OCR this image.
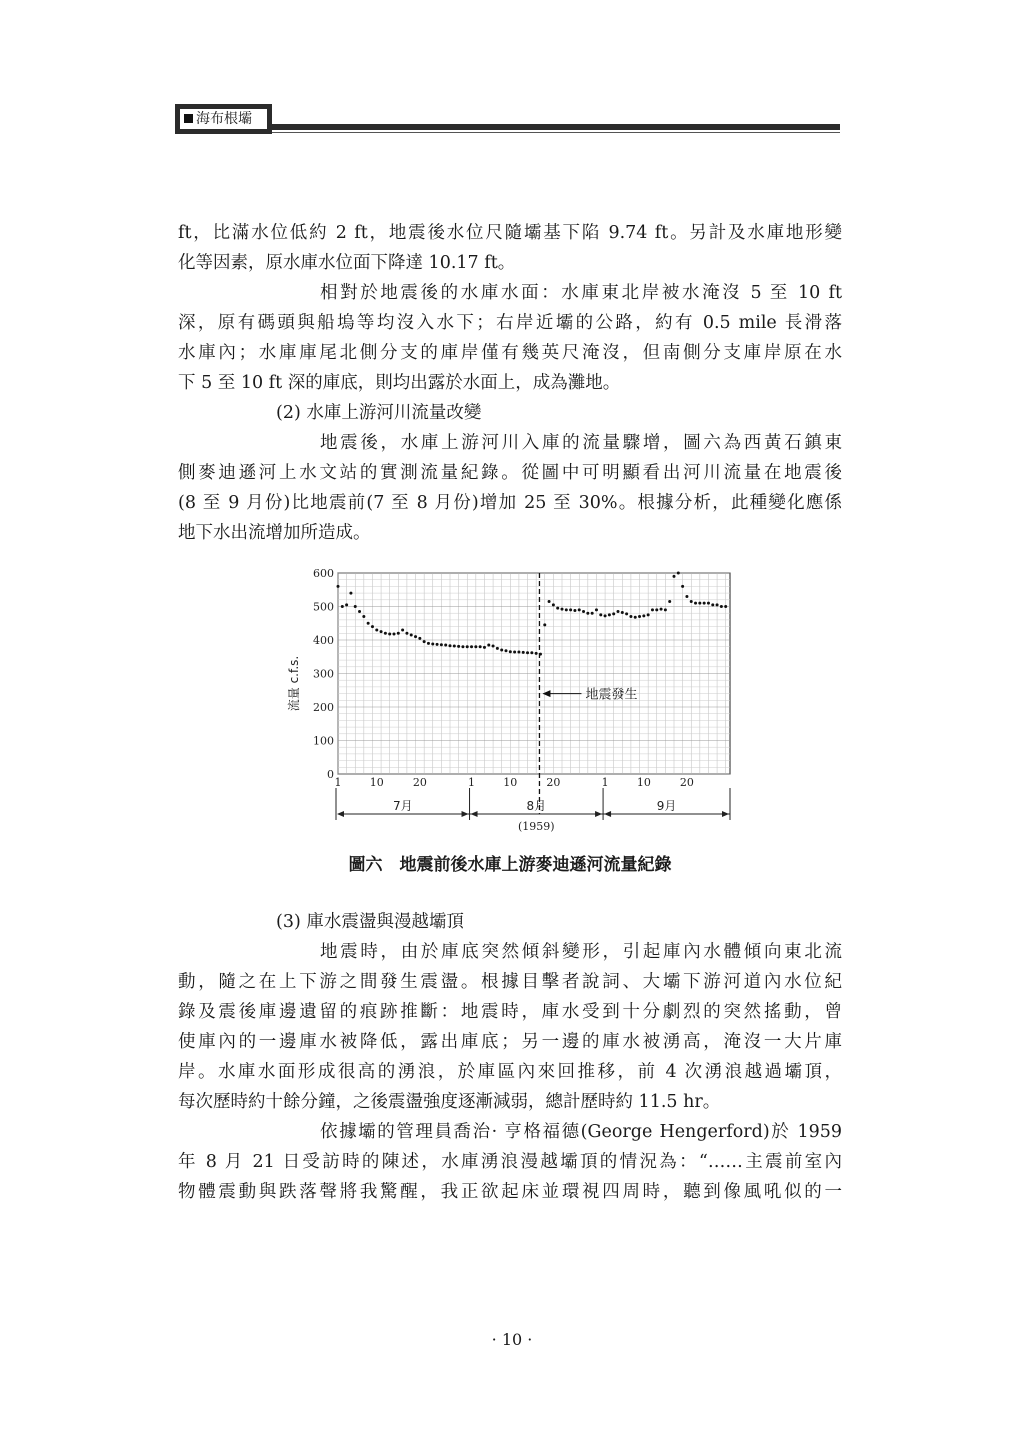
海布根壩
ft，比滿水位低約 2 ft，地震後水位尺隨壩基下陷 9.74 ft。另計及水庫地形變
化等因素，原水庫水位面下降達 10.17 ft。
相對於地震後的水庫水面：水庫東北岸被水淹沒 5 至 10 ft
深，原有碼頭與船塢等均沒入水下；右岸近壩的公路，約有 0.5 mile 長滑落
水庫內；水庫庫尾北側分支的庫岸僅有幾英尺淹沒，但南側分支庫岸原在水
下 5 至 10 ft 深的庫底，則均出露於水面上，成為灘地。
(2) 水庫上游河川流量改變
地震後，水庫上游河川入庫的流量驟增，圖六為西黃石鎮東
側麥迪遜河上水文站的實測流量紀錄。從圖中可明顯看出河川流量在地震後
(8 至 9 月份)比地震前(7 至 8 月份)增加 25 至 30%。根據分析，此種變化應係
地下水出流增加所造成。
0
100
200
300
400
500
600
流量 c.f.s.
1	10	20	1	10	20	1	10	20
地震發生
7月	8月	9月
(1959)
圖六　地震前後水庫上游麥迪遜河流量紀錄
(3) 庫水震盪與漫越壩頂
地震時，由於庫底突然傾斜變形，引起庫內水體傾向東北流
動，隨之在上下游之間發生震盪。根據目擊者說詞、大壩下游河道內水位紀
錄及震後庫邊遺留的痕跡推斷：地震時，庫水受到十分劇烈的突然搖動，曾
使庫內的一邊庫水被降低，露出庫底；另一邊的庫水被湧高，淹沒一大片庫
岸。水庫水面形成很高的湧浪，於庫區內來回推移，前 4 次湧浪越過壩頂，
每次歷時約十餘分鐘，之後震盪強度逐漸減弱，總計歷時約 11.5 hr。
依據壩的管理員喬治· 亨格福德(George Hengerford)於 1959
年 8 月 21 日受訪時的陳述，水庫湧浪漫越壩頂的情況為：“……主震前室內
物體震動與跌落聲將我驚醒，我正欲起床並環視四周時，聽到像風吼似的一
· 10 ·
